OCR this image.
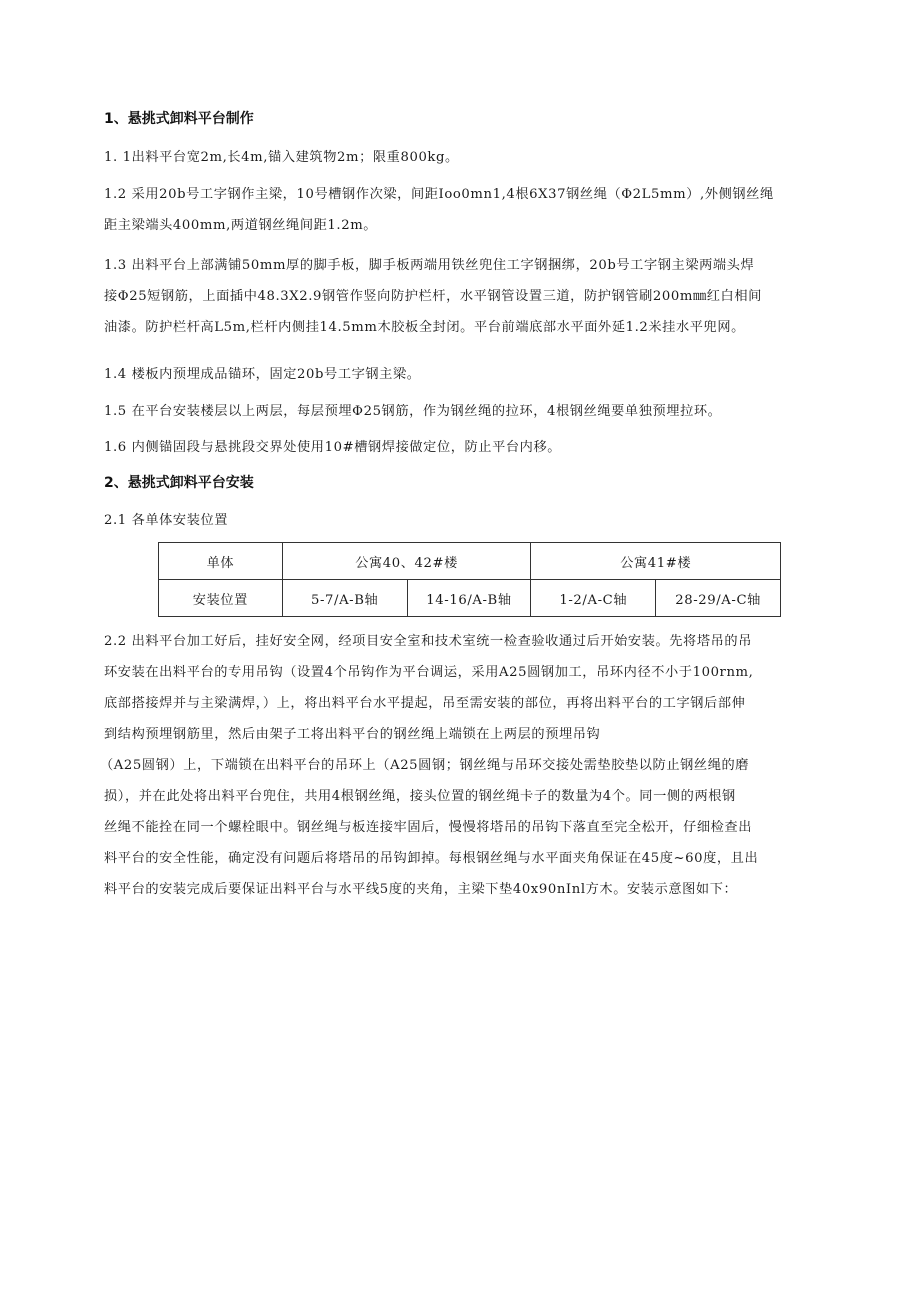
1、悬挑式卸料平台制作
1. 1出料平台宽2m,长4m,锚入建筑物2m；限重800kg。
1.2 采用20b号工字钢作主梁，10号槽钢作次梁，间距Ioo0mn1,4根6X37钢丝绳（Φ2L5mm）,外侧钢丝绳
距主梁端头400mm,两道钢丝绳间距1.2m。
1.3 出料平台上部满铺50mm厚的脚手板，脚手板两端用铁丝兜住工字钢捆绑，20b号工字钢主梁两端头焊
接Φ25短钢筋，上面插中48.3X2.9钢管作竖向防护栏杆，水平钢管设置三道，防护钢管刷200m㎜红白相间
油漆。防护栏杆高L5m,栏杆内侧挂14.5mm木胶板全封闭。平台前端底部水平面外延1.2米挂水平兜网。
1.4 楼板内预埋成品锚环，固定20b号工字钢主梁。
1.5 在平台安装楼层以上两层，每层预埋Φ25钢筋，作为钢丝绳的拉环，4根钢丝绳要单独预埋拉环。
1.6 内侧锚固段与悬挑段交界处使用10#槽钢焊接做定位，防止平台内移。
2、悬挑式卸料平台安装
2.1 各单体安装位置
单体	公寓40、42#楼		公寓41#楼	
安装位置	5-7/A-B轴	14-16/A-B轴	1-2/A-C轴	28-29/A-C轴
2.2 出料平台加工好后，挂好安全网，经项目安全室和技术室统一检查验收通过后开始安装。先将塔吊的吊
环安装在出料平台的专用吊钩（设置4个吊钩作为平台调运，采用A25圆钢加工，吊环内径不小于100rnm,
底部搭接焊并与主梁满焊，）上，将出料平台水平提起，吊至需安装的部位，再将出料平台的工字钢后部伸
到结构预埋钢筋里，然后由架子工将出料平台的钢丝绳上端锁在上两层的预埋吊钩
（A25圆钢）上，下端锁在出料平台的吊环上（A25圆钢；钢丝绳与吊环交接处需垫胶垫以防止钢丝绳的磨
损），并在此处将出料平台兜住，共用4根钢丝绳，接头位置的钢丝绳卡子的数量为4个。同一侧的两根钢
丝绳不能拴在同一个螺栓眼中。钢丝绳与板连接牢固后，慢慢将塔吊的吊钩下落直至完全松开，仔细检查出
料平台的安全性能，确定没有问题后将塔吊的吊钩卸掉。每根钢丝绳与水平面夹角保证在45度~60度，且出
料平台的安装完成后要保证出料平台与水平线5度的夹角，主梁下垫40x90nInl方木。安装示意图如下：
